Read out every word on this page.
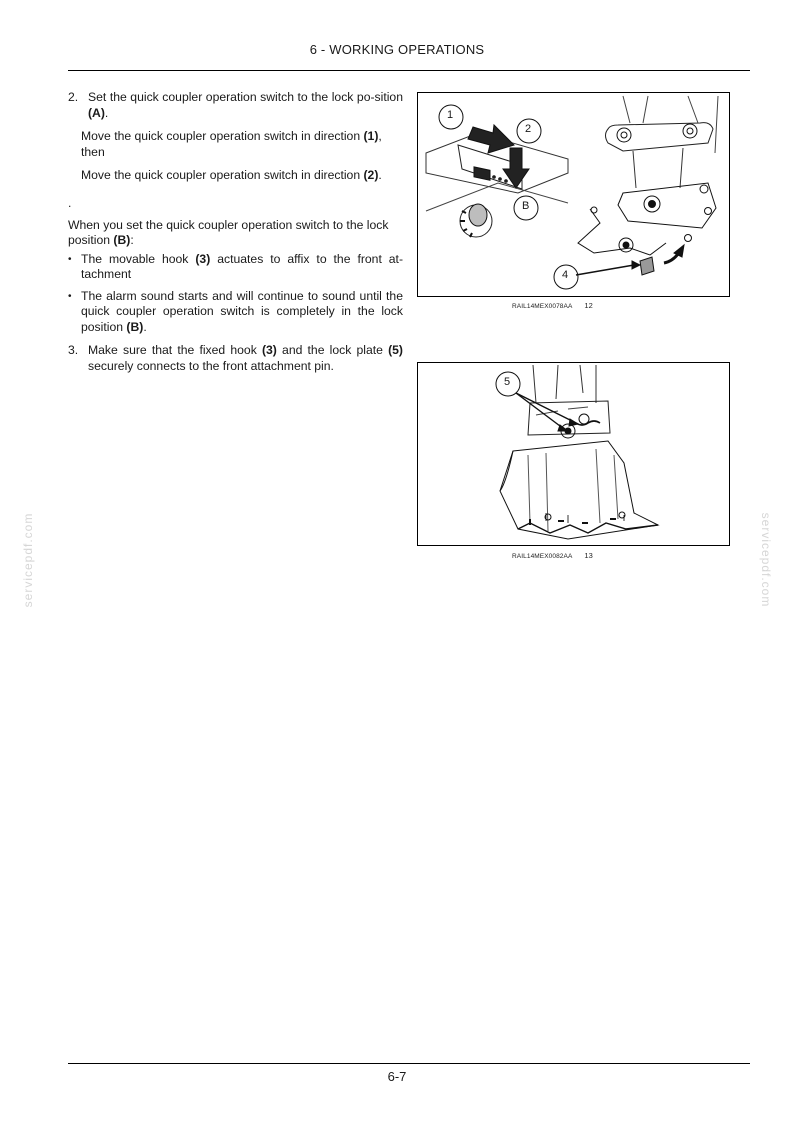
6 - WORKING OPERATIONS
servicepdf.com	servicepdf.com
2. Set the quick coupler operation switch to the lock po-sition (A).
Move the quick coupler operation switch in direction (1), then
Move the quick coupler operation switch in direction (2).
.
When you set the quick coupler operation switch to the lock position (B):
• The movable hook (3) actuates to affix to the front at-tachment
• The alarm sound starts and will continue to sound until the quick coupler operation switch is completely in the lock position (B).
3. Make sure that the fixed hook (3) and the lock plate (5) securely connects to the front attachment pin.
1
2
B
4
RAIL14MEX0078AA 12
5
RAIL14MEX0082AA 13
6-7
